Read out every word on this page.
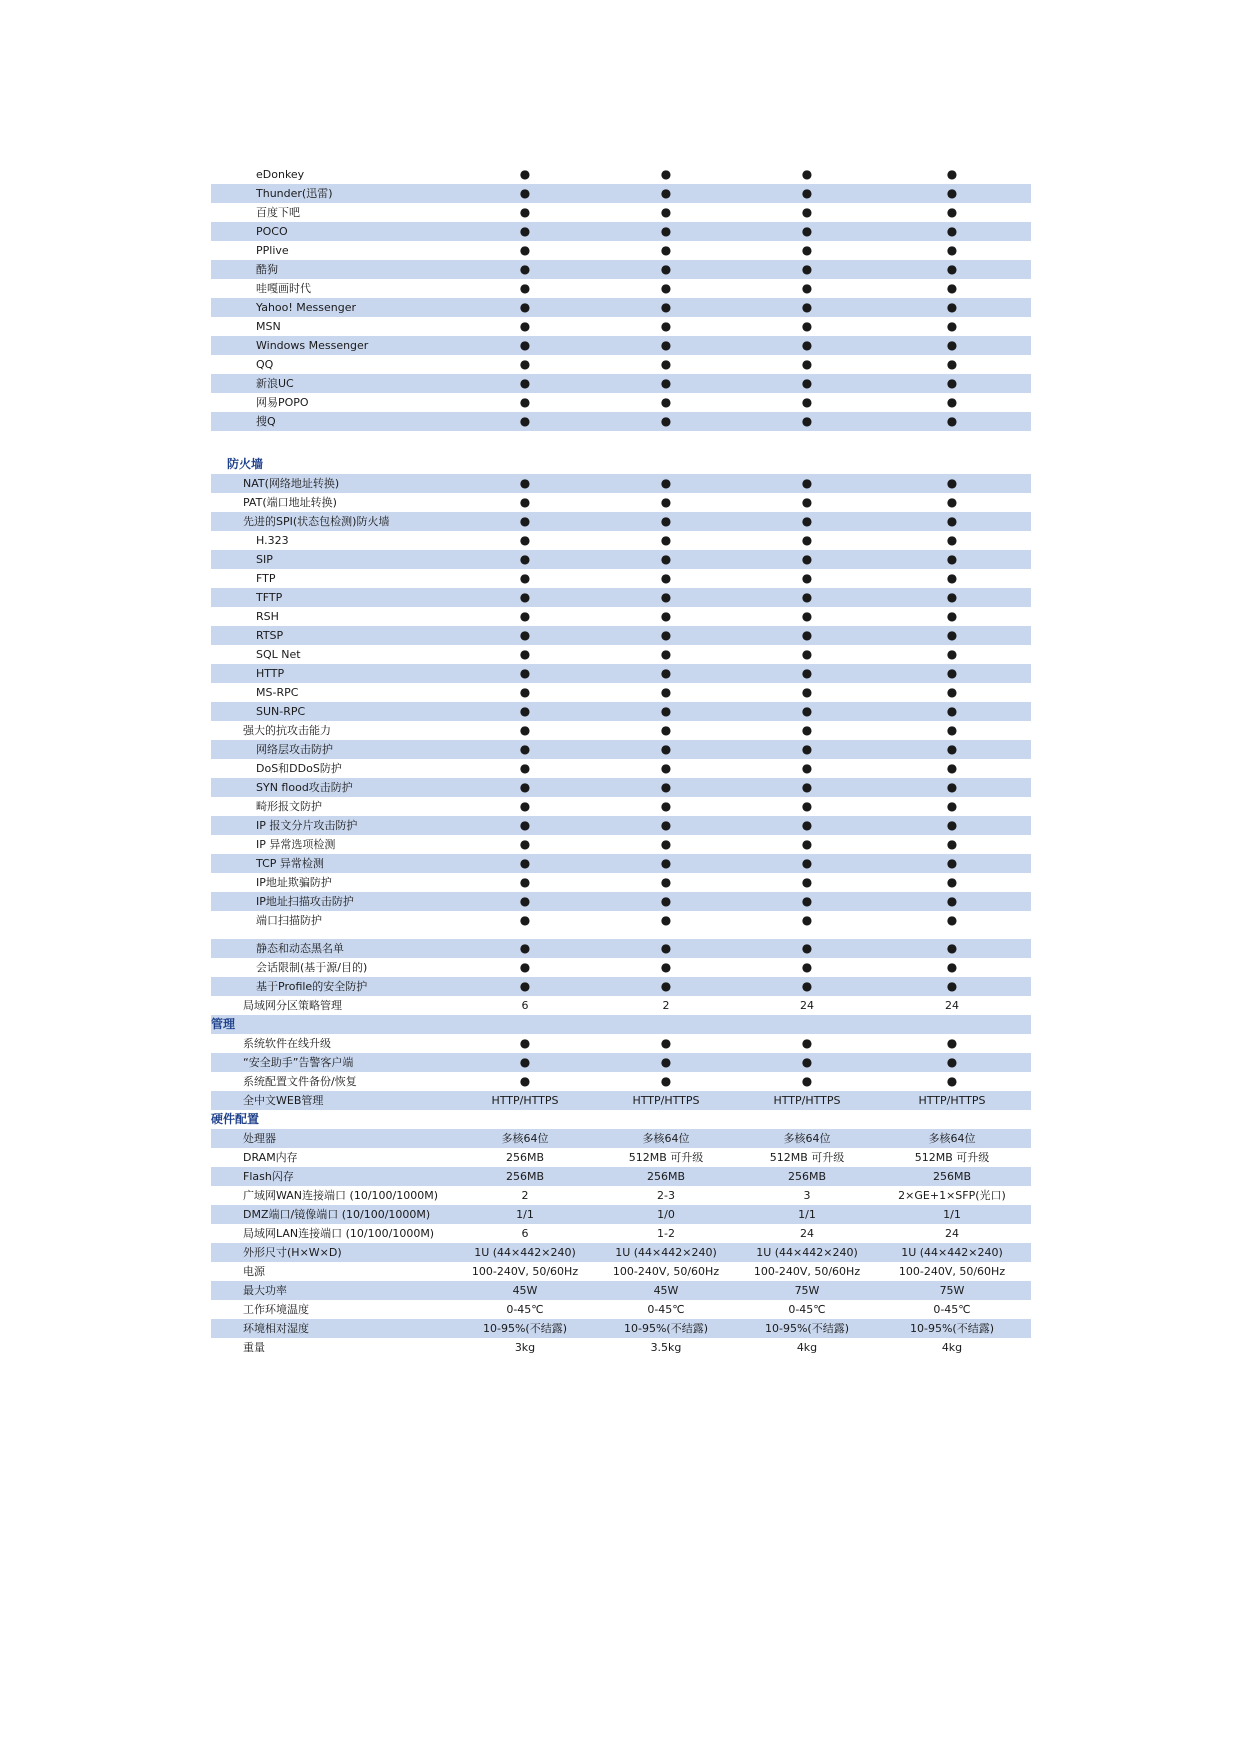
eDonkey	●	●	●	●
Thunder(迅雷)	●	●	●	●
百度下吧	●	●	●	●
POCO	●	●	●	●
PPlive	●	●	●	●
酷狗	●	●	●	●
哇嘎画时代	●	●	●	●
Yahoo! Messenger	●	●	●	●
MSN	●	●	●	●
Windows Messenger	●	●	●	●
QQ	●	●	●	●
新浪UC	●	●	●	●
网易POPO	●	●	●	●
搜Q	●	●	●	●
防火墙
NAT(网络地址转换)	●	●	●	●
PAT(端口地址转换)	●	●	●	●
先进的SPI(状态包检测)防火墙	●	●	●	●
H.323	●	●	●	●
SIP	●	●	●	●
FTP	●	●	●	●
TFTP	●	●	●	●
RSH	●	●	●	●
RTSP	●	●	●	●
SQL Net	●	●	●	●
HTTP	●	●	●	●
MS-RPC	●	●	●	●
SUN-RPC	●	●	●	●
强大的抗攻击能力	●	●	●	●
网络层攻击防护	●	●	●	●
DoS和DDoS防护	●	●	●	●
SYN flood攻击防护	●	●	●	●
畸形报文防护	●	●	●	●
IP 报文分片攻击防护	●	●	●	●
IP 异常选项检测	●	●	●	●
TCP 异常检测	●	●	●	●
IP地址欺骗防护	●	●	●	●
IP地址扫描攻击防护	●	●	●	●
端口扫描防护	●	●	●	●
静态和动态黑名单	●	●	●	●
会话限制(基于源/目的)	●	●	●	●
基于Profile的安全防护	●	●	●	●
局域网分区策略管理	6	2	24	24
管理
系统软件在线升级	●	●	●	●
“安全助手”告警客户端	●	●	●	●
系统配置文件备份/恢复	●	●	●	●
全中文WEB管理	HTTP/HTTPS	HTTP/HTTPS	HTTP/HTTPS	HTTP/HTTPS
硬件配置
处理器	多核64位	多核64位	多核64位	多核64位
DRAM内存	256MB	512MB 可升级	512MB 可升级	512MB 可升级
Flash闪存	256MB	256MB	256MB	256MB
广域网WAN连接端口 (10/100/1000M)	2	2-3	3	2×GE+1×SFP(光口)
DMZ端口/镜像端口 (10/100/1000M)	1/1	1/0	1/1	1/1
局域网LAN连接端口 (10/100/1000M)	6	1-2	24	24
外形尺寸(H×W×D)	1U (44×442×240)	1U (44×442×240)	1U (44×442×240)	1U (44×442×240)
电源	100-240V, 50/60Hz	100-240V, 50/60Hz	100-240V, 50/60Hz	100-240V, 50/60Hz
最大功率	45W	45W	75W	75W
工作环境温度	0-45℃	0-45℃	0-45℃	0-45℃
环境相对湿度	10-95%(不结露)	10-95%(不结露)	10-95%(不结露)	10-95%(不结露)
重量	3kg	3.5kg	4kg	4kg
